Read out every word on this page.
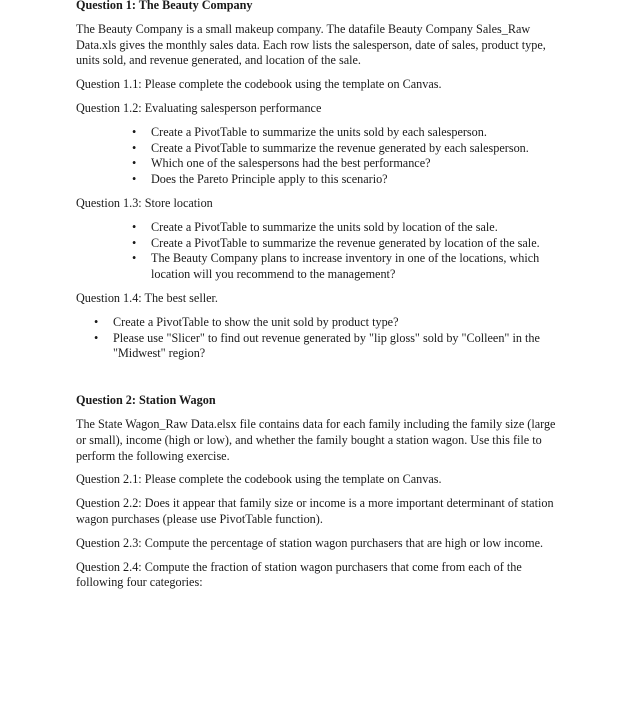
Question 1: The Beauty Company

The Beauty Company is a small makeup company. The datafile Beauty Company Sales_Raw Data.xls gives the monthly sales data. Each row lists the salesperson, date of sales, product type, units sold, and revenue generated, and location of the sale.

Question 1.1: Please complete the codebook using the template on Canvas.

Question 1.2: Evaluating salesperson performance

• Create a PivotTable to summarize the units sold by each salesperson.
• Create a PivotTable to summarize the revenue generated by each salesperson.
• Which one of the salespersons had the best performance?
• Does the Pareto Principle apply to this scenario?

Question 1.3: Store location

• Create a PivotTable to summarize the units sold by location of the sale.
• Create a PivotTable to summarize the revenue generated by location of the sale.
• The Beauty Company plans to increase inventory in one of the locations, which location will you recommend to the management?

Question 1.4: The best seller.

• Create a PivotTable to show the unit sold by product type?
• Please use "Slicer" to find out revenue generated by "lip gloss" sold by "Colleen" in the "Midwest" region?
Question 2: Station Wagon

The State Wagon_Raw Data.elsx file contains data for each family including the family size (large or small), income (high or low), and whether the family bought a station wagon. Use this file to perform the following exercise.

Question 2.1: Please complete the codebook using the template on Canvas.

Question 2.2: Does it appear that family size or income is a more important determinant of station wagon purchases (please use PivotTable function).

Question 2.3: Compute the percentage of station wagon purchasers that are high or low income.

Question 2.4: Compute the fraction of station wagon purchasers that come from each of the following four categories:
